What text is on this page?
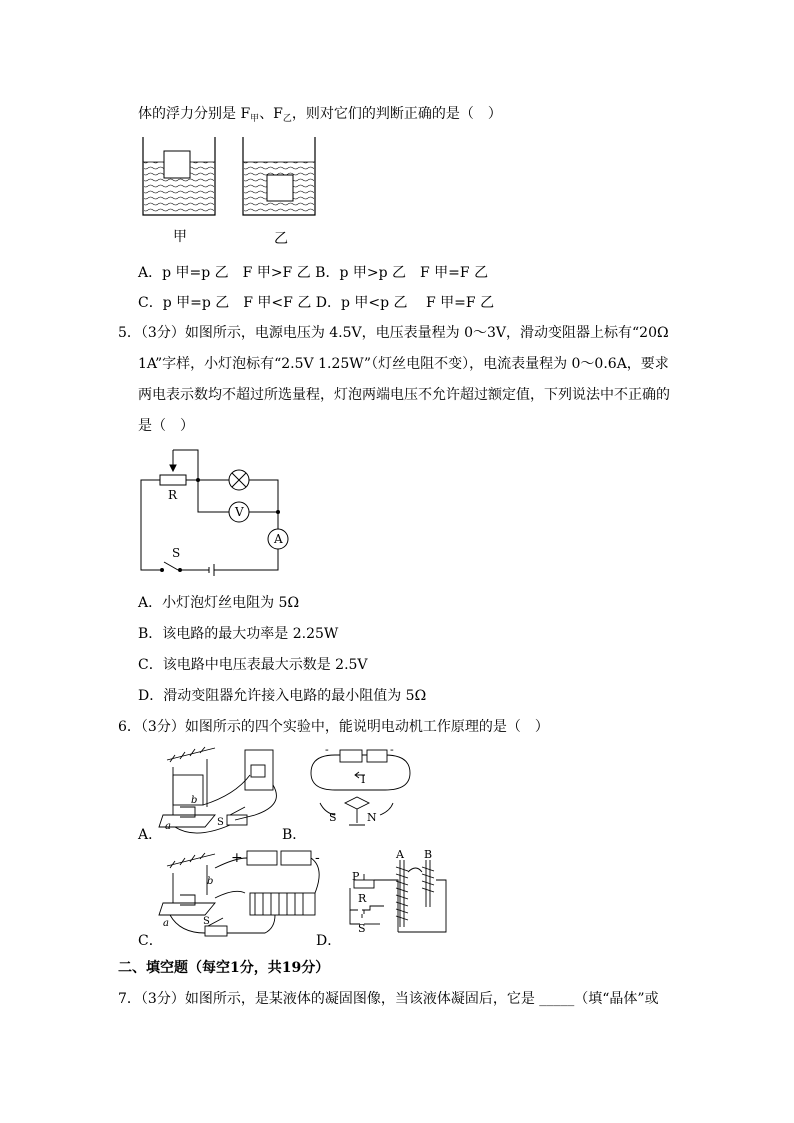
体的浮力分别是 $F_甲$、$F_乙$，则对它们的判断正确的是（　）
甲	乙
A．p 甲=p 乙　F 甲>F 乙 B．p 甲>p 乙　F 甲=F 乙
C．p 甲=p 乙　F 甲<F 乙 D．p 甲<p 乙　 F 甲=F 乙
5．（3分）如图所示，电源电压为 4.5V，电压表量程为 0～3V，滑动变阻器上标有“20Ω
1A”字样，小灯泡标有“2.5V 1.25W”（灯丝电阻不变），电流表量程为 0～0.6A，要求
两电表示数均不超过所选量程，灯泡两端电压不允许超过额定值，下列说法中不正确的
是（　）
R
V
A
S
A．小灯泡灯丝电阻为 5Ω
B．该电路的最大功率是 2.25W
C．该电路中电压表最大示数是 2.5V
D．滑动变阻器允许接入电路的最小阻值为 5Ω
6．（3分）如图所示的四个实验中，能说明电动机工作原理的是（　）
a
b
S
A．
-	-
I
S	N
B．
+	-
a
b
S
C．
P
R
S
A B
D．
二、填空题（每空1分，共19分）
7．（3分）如图所示，是某液体的凝固图像，当该液体凝固后，它是 _____（填“晶体”或
